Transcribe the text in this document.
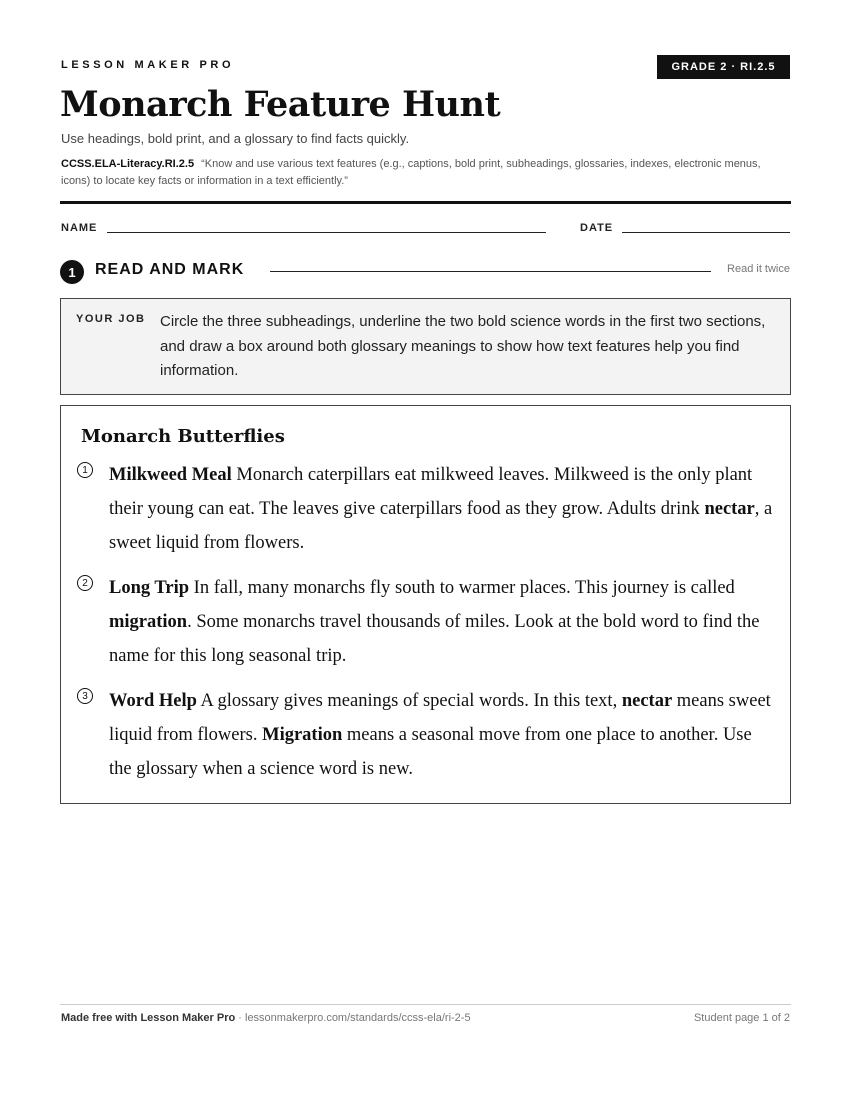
LESSON MAKER PRO	GRADE 2 · RI.2.5
Monarch Feature Hunt
Use headings, bold print, and a glossary to find facts quickly.
CCSS.ELA-Literacy.RI.2.5 “Know and use various text features (e.g., captions, bold print, subheadings, glossaries, indexes, electronic menus, icons) to locate key facts or information in a text efficiently.”
NAME	DATE
1	READ AND MARK	Read it twice
YOUR JOB Circle the three subheadings, underline the two bold science words in the first two sections, and draw a box around both glossary meanings to show how text features help you find information.
Monarch Butterflies
1 Milkweed Meal Monarch caterpillars eat milkweed leaves. Milkweed is the only plant their young can eat. The leaves give caterpillars food as they grow. Adults drink nectar, a sweet liquid from flowers.
2 Long Trip In fall, many monarchs fly south to warmer places. This journey is called migration. Some monarchs travel thousands of miles. Look at the bold word to find the name for this long seasonal trip.
3 Word Help A glossary gives meanings of special words. In this text, nectar means sweet liquid from flowers. Migration means a seasonal move from one place to another. Use the glossary when a science word is new.
Made free with Lesson Maker Pro · lessonmakerpro.com/standards/ccss-ela/ri-2-5	Student page 1 of 2
